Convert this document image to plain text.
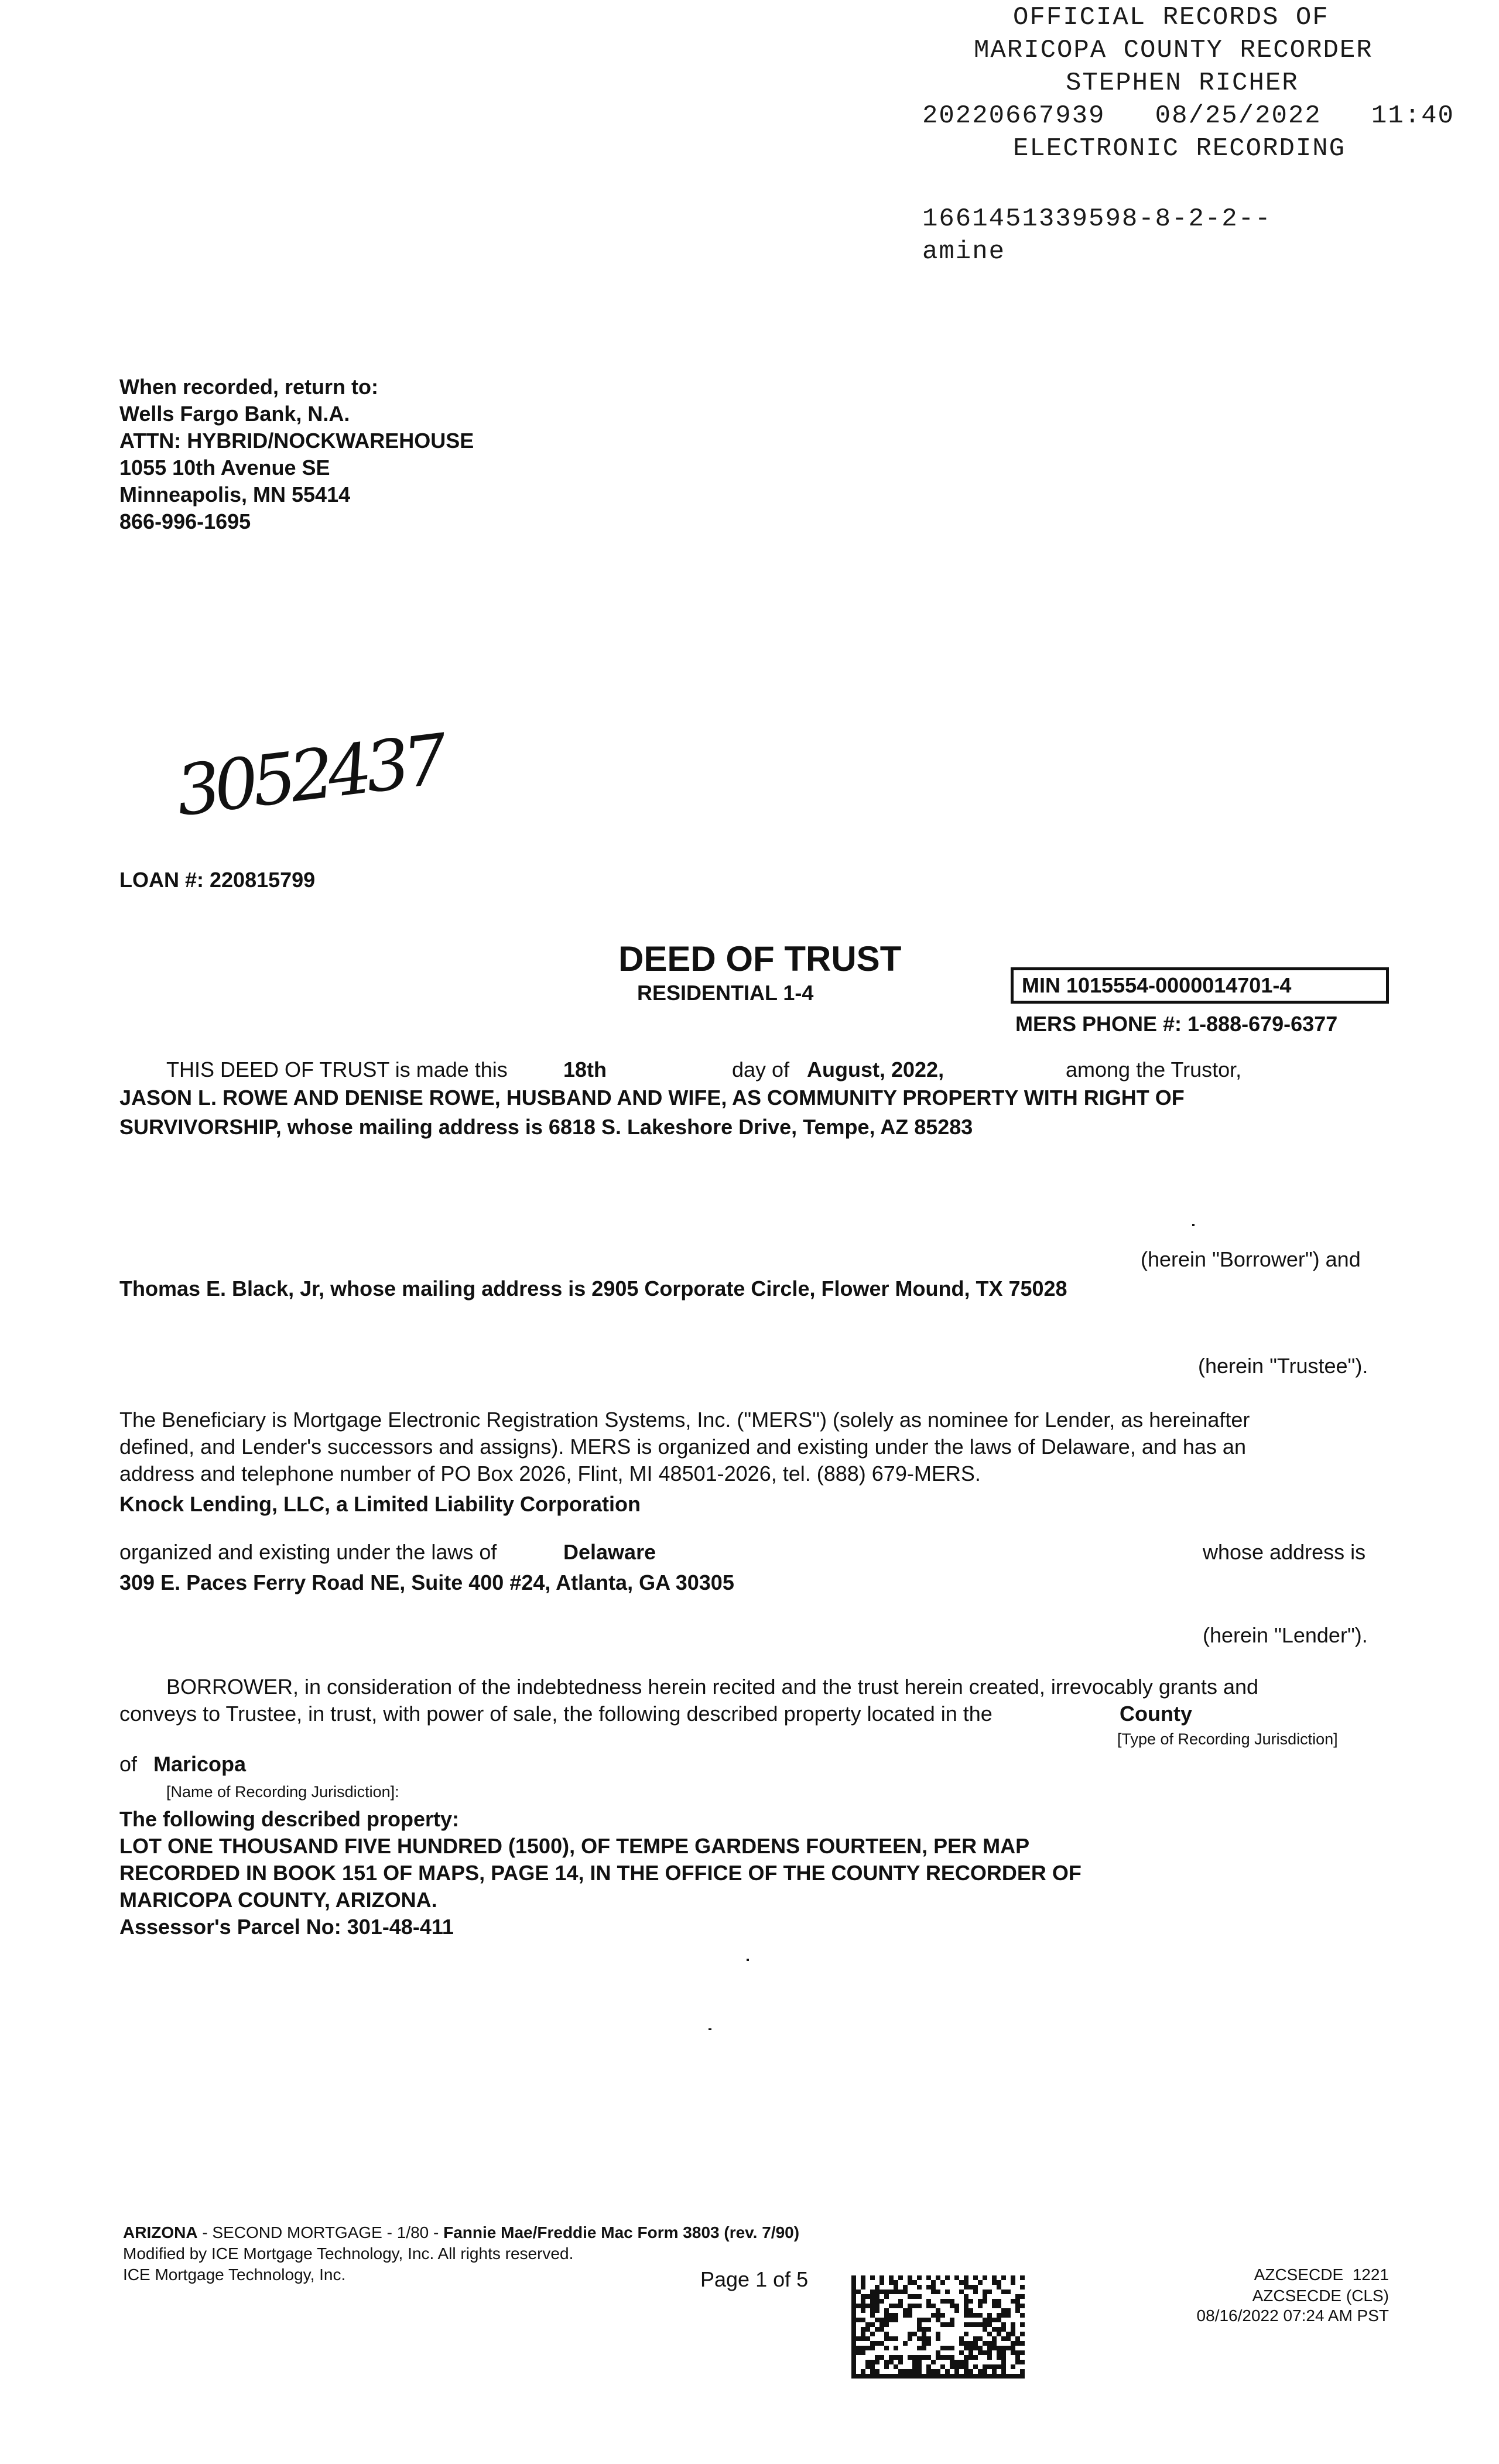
OFFICIAL RECORDS OF
MARICOPA COUNTY RECORDER
STEPHEN RICHER
20220667939   08/25/2022   11:40
ELECTRONIC RECORDING
1661451339598-8-2-2--
amine
When recorded, return to:
Wells Fargo Bank, N.A.
ATTN: HYBRID/NOCKWAREHOUSE
1055 10th Avenue SE
Minneapolis, MN 55414
866-996-1695
3052437
LOAN #: 220815799
DEED OF TRUST
RESIDENTIAL 1-4	MIN 1015554-0000014701-4
MERS PHONE #: 1-888-679-6377
THIS DEED OF TRUST is made this	18th	day of August, 2022,	among the Trustor,
JASON L. ROWE AND DENISE ROWE, HUSBAND AND WIFE, AS COMMUNITY PROPERTY WITH RIGHT OF
SURVIVORSHIP, whose mailing address is 6818 S. Lakeshore Drive, Tempe, AZ 85283
(herein "Borrower") and
Thomas E. Black, Jr, whose mailing address is 2905 Corporate Circle, Flower Mound, TX 75028
(herein "Trustee").
The Beneficiary is Mortgage Electronic Registration Systems, Inc. ("MERS") (solely as nominee for Lender, as hereinafter
defined, and Lender's successors and assigns). MERS is organized and existing under the laws of Delaware, and has an
address and telephone number of PO Box 2026, Flint, MI 48501-2026, tel. (888) 679-MERS.
Knock Lending, LLC, a Limited Liability Corporation
organized and existing under the laws of	Delaware	whose address is
309 E. Paces Ferry Road NE, Suite 400 #24, Atlanta, GA 30305
(herein "Lender").
BORROWER, in consideration of the indebtedness herein recited and the trust herein created, irrevocably grants and
conveys to Trustee, in trust, with power of sale, the following described property located in the	County
[Type of Recording Jurisdiction]
of Maricopa
[Name of Recording Jurisdiction]:
The following described property:
LOT ONE THOUSAND FIVE HUNDRED (1500), OF TEMPE GARDENS FOURTEEN, PER MAP
RECORDED IN BOOK 151 OF MAPS, PAGE 14, IN THE OFFICE OF THE COUNTY RECORDER OF
MARICOPA COUNTY, ARIZONA.
Assessor's Parcel No: 301-48-411
ARIZONA - SECOND MORTGAGE - 1/80 - Fannie Mae/Freddie Mac Form 3803 (rev. 7/90)
Modified by ICE Mortgage Technology, Inc. All rights reserved.
ICE Mortgage Technology, Inc.	Page 1 of 5	AZCSECDE  1221
AZCSECDE (CLS)
08/16/2022 07:24 AM PST
